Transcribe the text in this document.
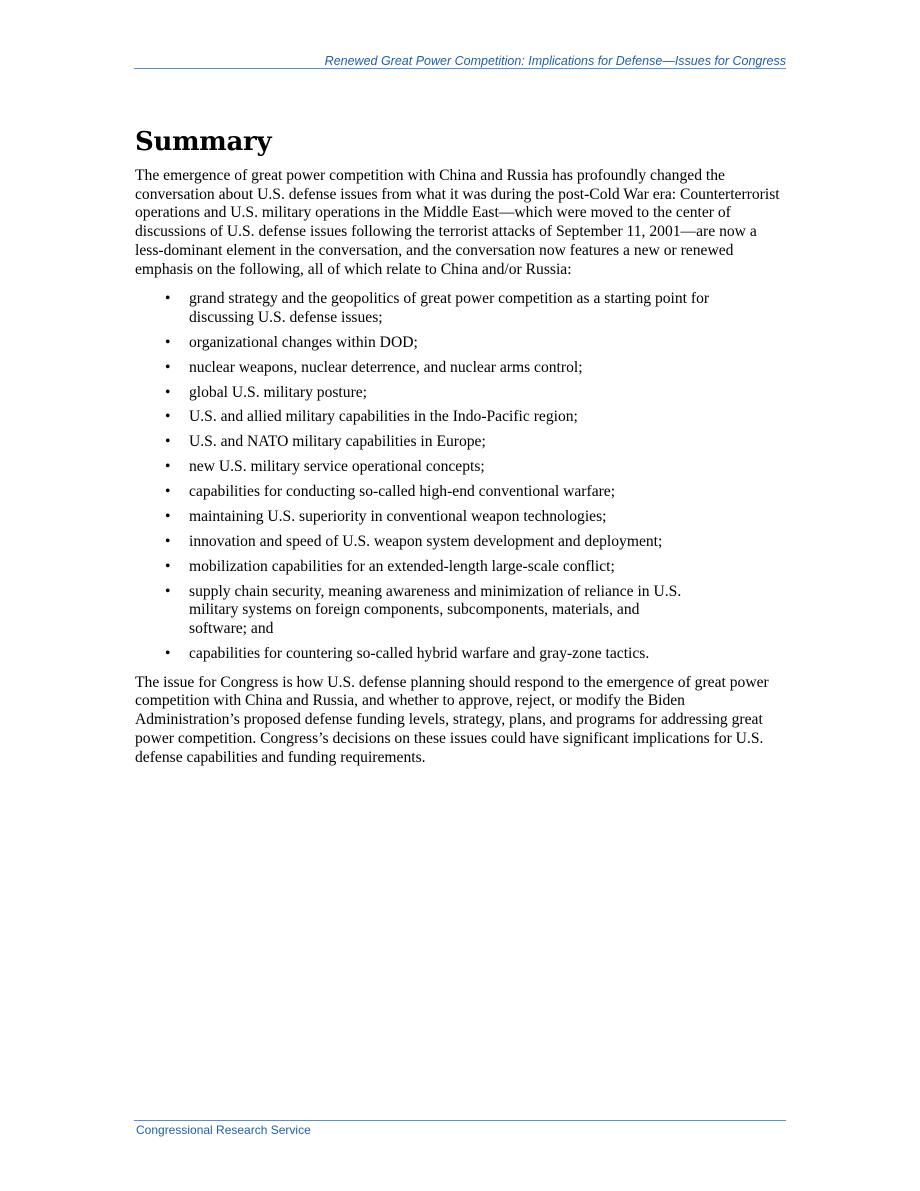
Renewed Great Power Competition: Implications for Defense—Issues for Congress
Summary

The emergence of great power competition with China and Russia has profoundly changed the conversation about U.S. defense issues from what it was during the post-Cold War era: Counterterrorist operations and U.S. military operations in the Middle East—which were moved to the center of discussions of U.S. defense issues following the terrorist attacks of September 11, 2001—are now a less-dominant element in the conversation, and the conversation now features a new or renewed emphasis on the following, all of which relate to China and/or Russia:

• grand strategy and the geopolitics of great power competition as a starting point for discussing U.S. defense issues;
• organizational changes within DOD;
• nuclear weapons, nuclear deterrence, and nuclear arms control;
• global U.S. military posture;
• U.S. and allied military capabilities in the Indo-Pacific region;
• U.S. and NATO military capabilities in Europe;
• new U.S. military service operational concepts;
• capabilities for conducting so-called high-end conventional warfare;
• maintaining U.S. superiority in conventional weapon technologies;
• innovation and speed of U.S. weapon system development and deployment;
• mobilization capabilities for an extended-length large-scale conflict;
• supply chain security, meaning awareness and minimization of reliance in U.S. military systems on foreign components, subcomponents, materials, and software; and
• capabilities for countering so-called hybrid warfare and gray-zone tactics.

The issue for Congress is how U.S. defense planning should respond to the emergence of great power competition with China and Russia, and whether to approve, reject, or modify the Biden Administration’s proposed defense funding levels, strategy, plans, and programs for addressing great power competition. Congress’s decisions on these issues could have significant implications for U.S. defense capabilities and funding requirements.

Congressional Research Service
